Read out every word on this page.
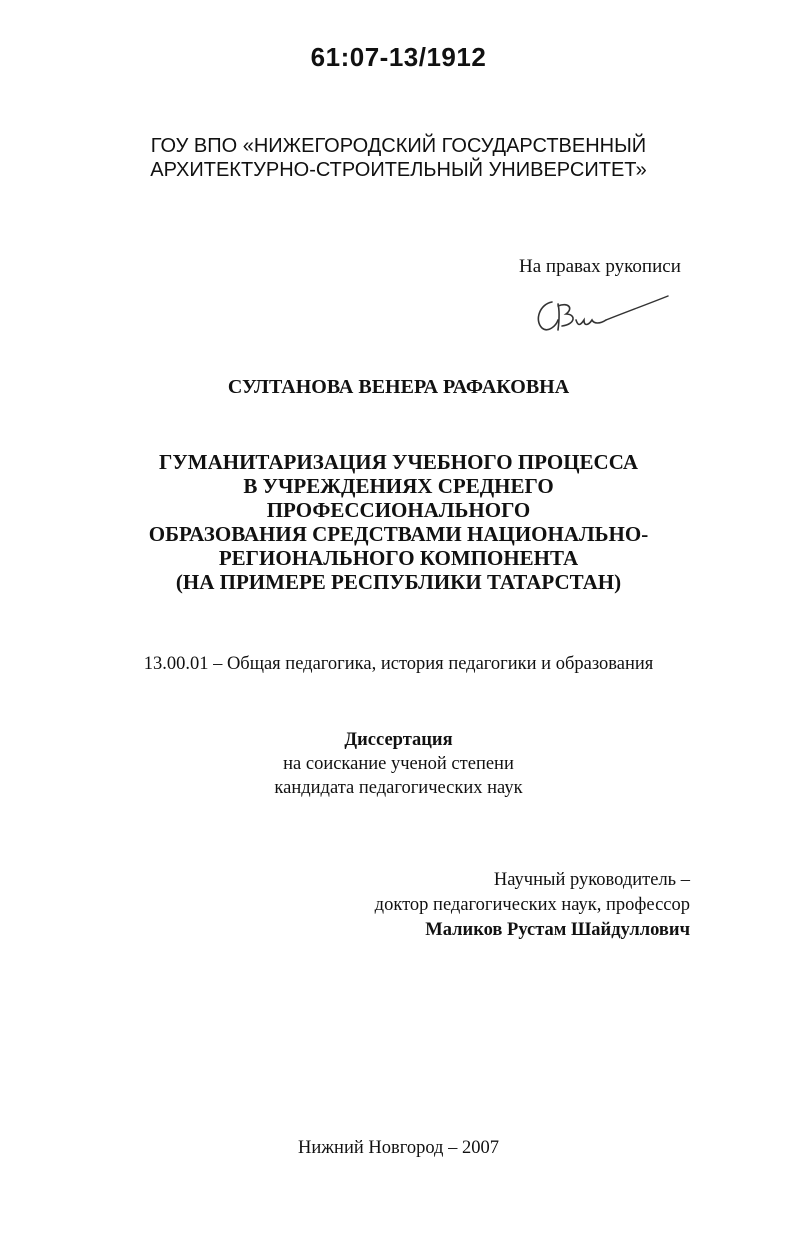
61:07-13/1912
ГОУ ВПО «НИЖЕГОРОДСКИЙ ГОСУДАРСТВЕННЫЙ
АРХИТЕКТУРНО-СТРОИТЕЛЬНЫЙ УНИВЕРСИТЕТ»
На правах рукописи
СУЛТАНОВА ВЕНЕРА РАФАКОВНА
ГУМАНИТАРИЗАЦИЯ УЧЕБНОГО ПРОЦЕССА
В УЧРЕЖДЕНИЯХ СРЕДНЕГО
ПРОФЕССИОНАЛЬНОГО
ОБРАЗОВАНИЯ СРЕДСТВАМИ НАЦИОНАЛЬНО-
РЕГИОНАЛЬНОГО КОМПОНЕНТА
(НА ПРИМЕРЕ РЕСПУБЛИКИ ТАТАРСТАН)
13.00.01 – Общая педагогика, история педагогики и образования
Диссертация
на соискание ученой степени
кандидата педагогических наук
Научный руководитель –
доктор педагогических наук, профессор
Маликов Рустам Шайдуллович
Нижний Новгород – 2007
